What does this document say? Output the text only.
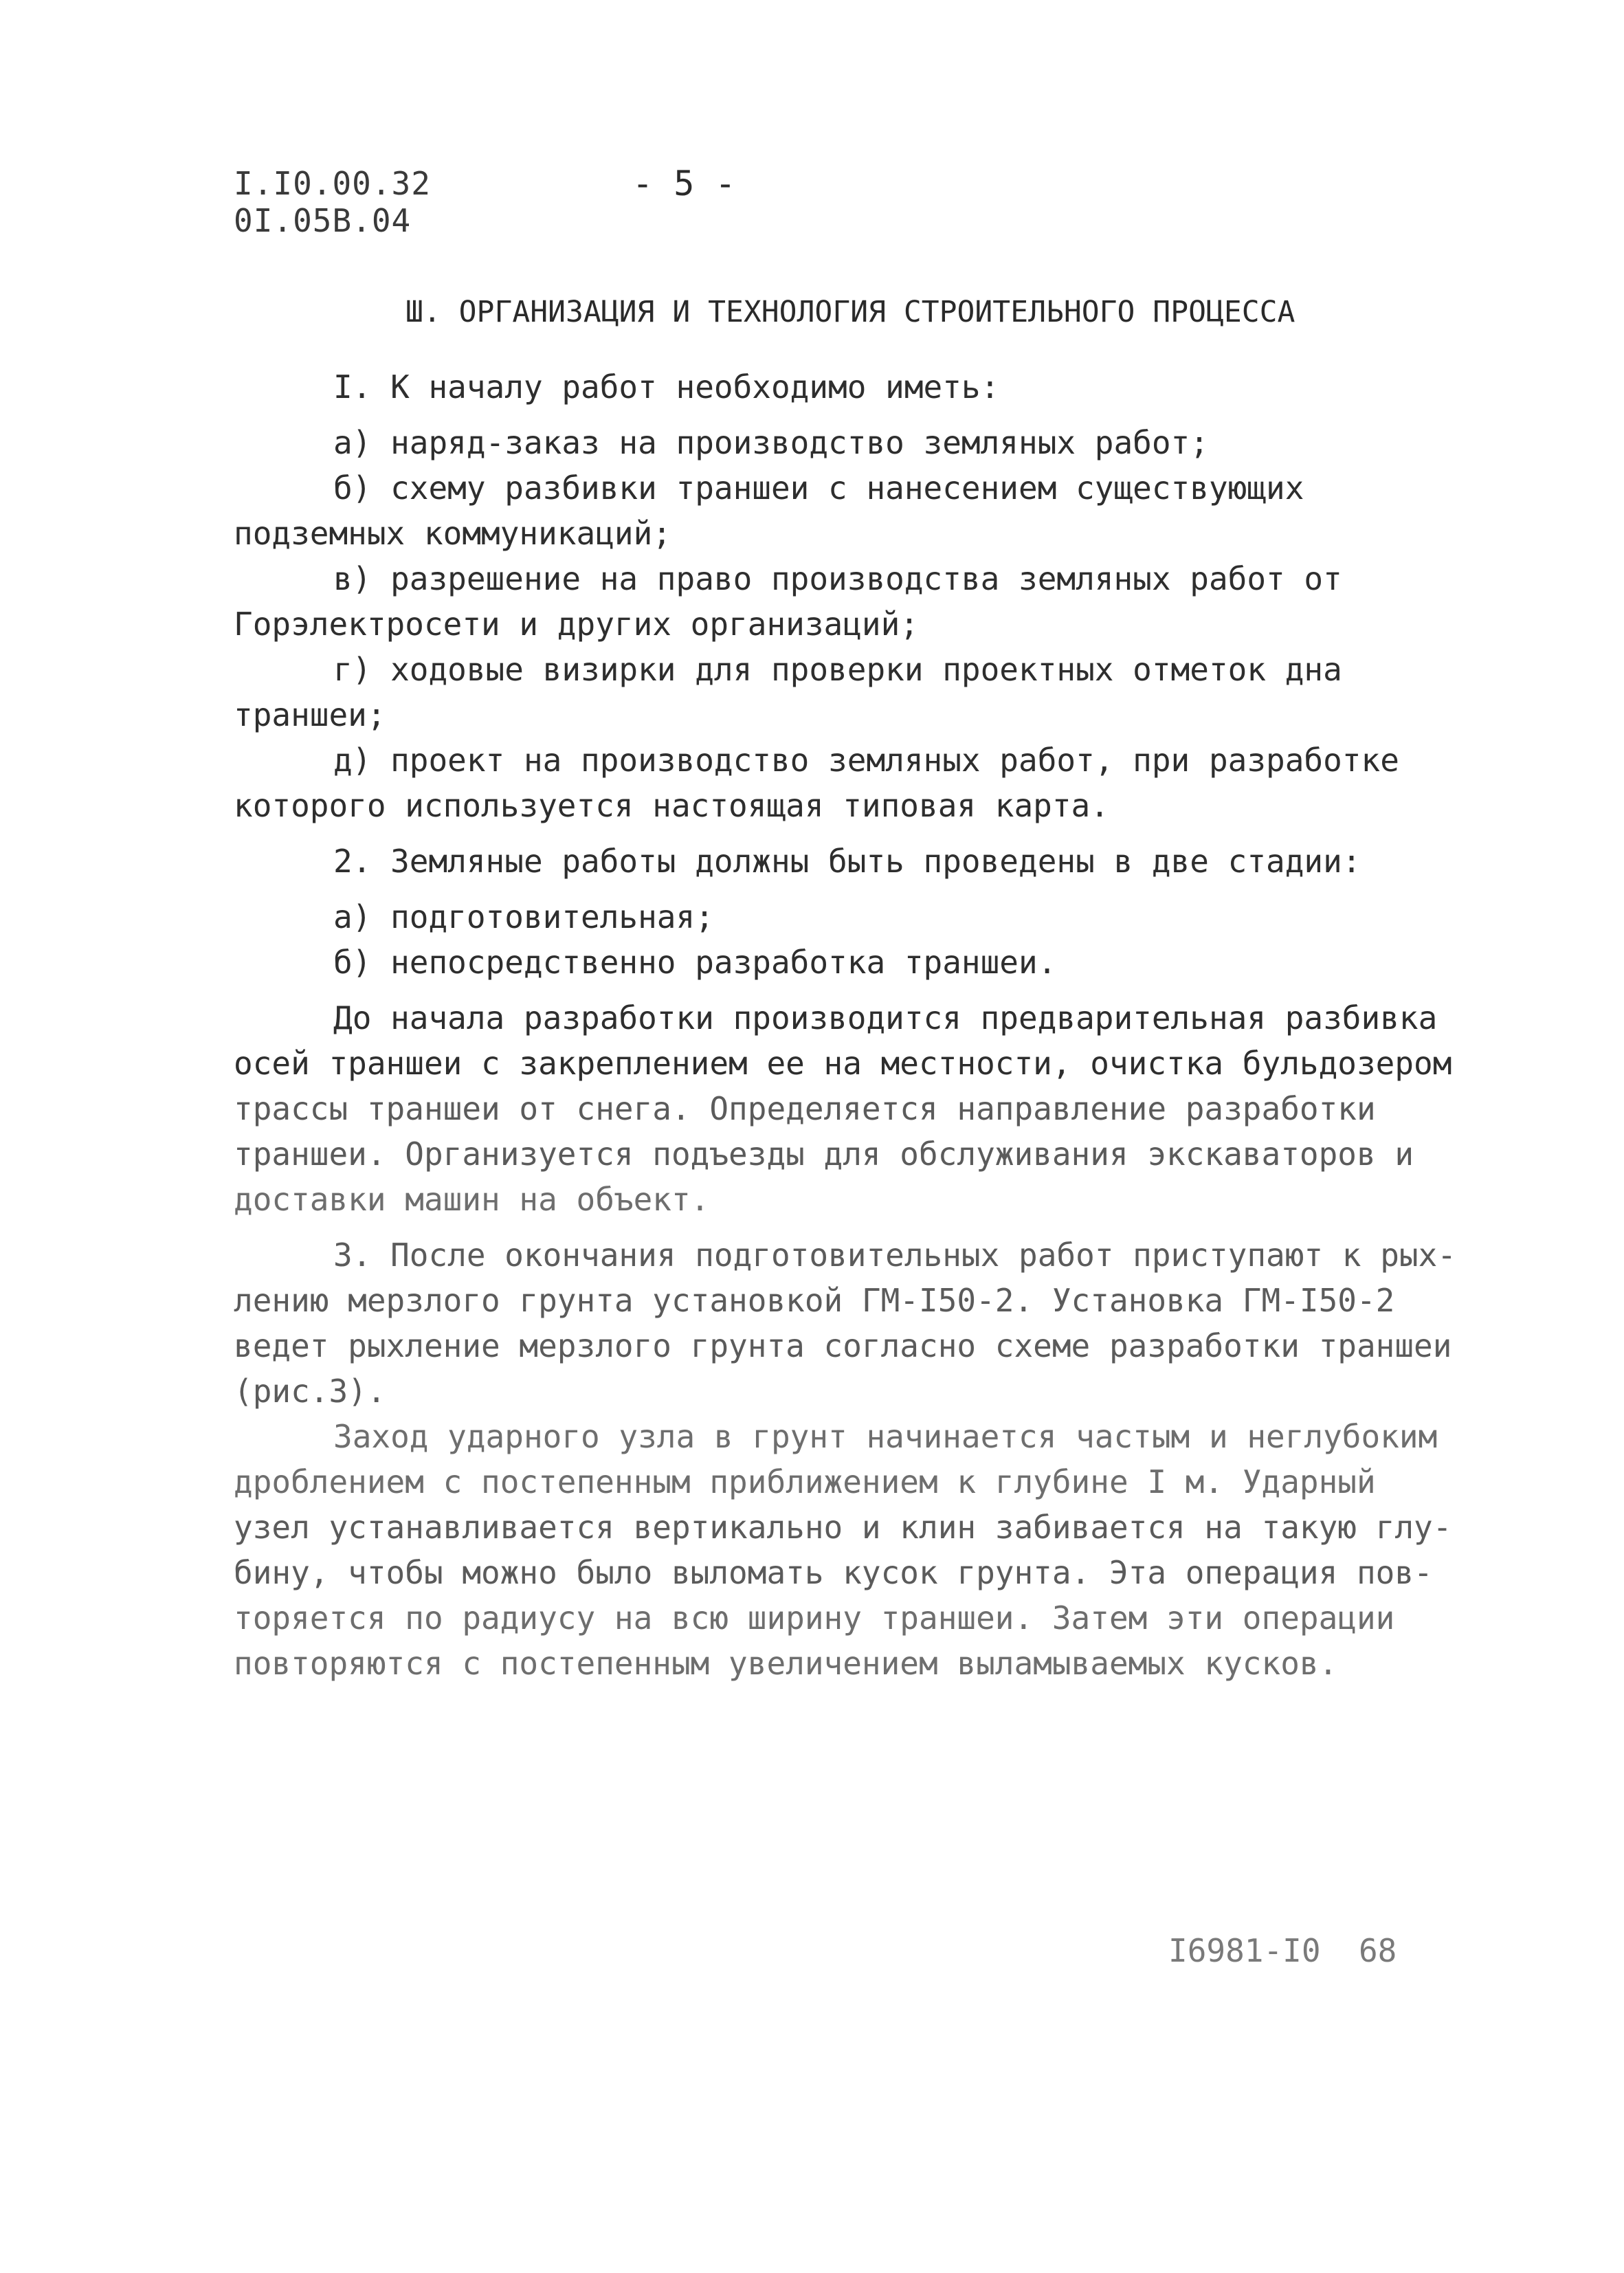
I.I0.00.32
0I.05B.04
- 5 -
Ш. ОРГАНИЗАЦИЯ И ТЕХНОЛОГИЯ СТРОИТЕЛЬНОГО ПРОЦЕССА

I. К началу работ необходимо иметь:

а) наряд-заказ на производство земляных работ;

б) схему разбивки траншеи с нанесением существующих

подземных коммуникаций;

в) разрешение на право производства земляных работ от

Горэлектросети и других организаций;

г) ходовые визирки для проверки проектных отметок дна

траншеи;

д) проект на производство земляных работ, при разработке

которого используется настоящая типовая карта.

2. Земляные работы должны быть проведены в две стадии:

а) подготовительная;

б) непосредственно разработка траншеи.

До начала разработки производится предварительная разбивка

осей траншеи с закреплением ее на местности, очистка бульдозером

трассы траншеи от снега. Определяется направление разработки

траншеи. Организуется подъезды для обслуживания экскаваторов и

доставки машин на объект.

3. После окончания подготовительных работ приступают к рых-

лению мерзлого грунта установкой ГМ-I50-2. Установка ГМ-I50-2

ведет рыхление мерзлого грунта согласно схеме разработки траншеи

(рис.3).

Заход ударного узла в грунт начинается частым и неглубоким

дроблением с постепенным приближением к глубине I м. Ударный

узел устанавливается вертикально и клин забивается на такую глу-

бину, чтобы можно было выломать кусок грунта. Эта операция пов-

торяется по радиусу на всю ширину траншеи. Затем эти операции

повторяются с постепенным увеличением выламываемых кусков.

I6981-I0  68
